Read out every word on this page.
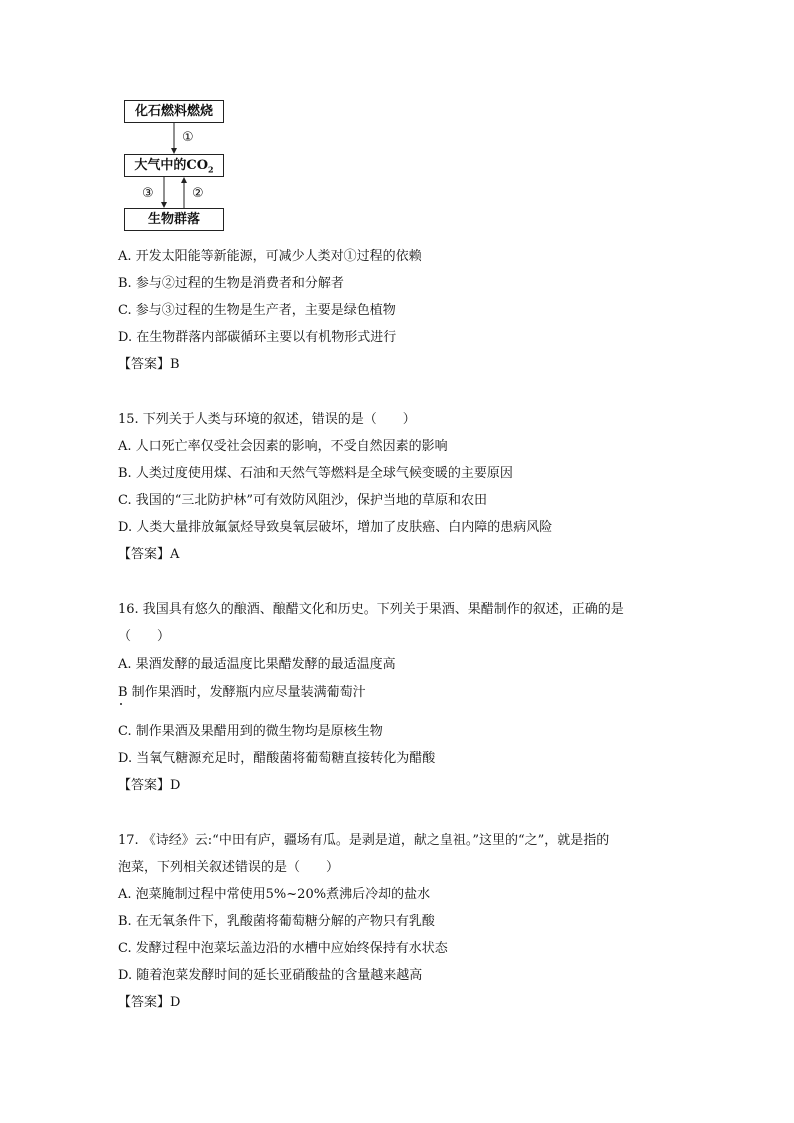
化石燃料燃烧
大气中的$CO_2$
生物群落
①
③	②
A. 开发太阳能等新能源，可减少人类对①过程的依赖
B. 参与②过程的生物是消费者和分解者
C. 参与③过程的生物是生产者，主要是绿色植物
D. 在生物群落内部碳循环主要以有机物形式进行
【答案】B
15. 下列关于人类与环境的叙述，错误的是（　　）
A. 人口死亡率仅受社会因素的影响，不受自然因素的影响
B. 人类过度使用煤、石油和天然气等燃料是全球气候变暖的主要原因
C. 我国的“三北防护林”可有效防风阻沙，保护当地的草原和农田
D. 人类大量排放氟氯烃导致臭氧层破坏，增加了皮肤癌、白内障的患病风险
【答案】A
16. 我国具有悠久的酿酒、酿醋文化和历史。下列关于果酒、果醋制作的叙述，正确的是
（　　）
A. 果酒发酵的最适温度比果醋发酵的最适温度高
B 制作果酒时，发酵瓶内应尽量装满葡萄汁
C. 制作果酒及果醋用到的微生物均是原核生物
D. 当氧气糖源充足时，醋酸菌将葡萄糖直接转化为醋酸
【答案】D
17. 《诗经》云:“中田有庐，疆场有瓜。是剥是道，献之皇祖。”这里的“之”，就是指的
泡菜，下列相关叙述错误的是（　　）
A. 泡菜腌制过程中常使用5%~20%煮沸后冷却的盐水
B. 在无氧条件下，乳酸菌将葡萄糖分解的产物只有乳酸
C. 发酵过程中泡菜坛盖边沿的水槽中应始终保持有水状态
D. 随着泡菜发酵时间的延长亚硝酸盐的含量越来越高
【答案】D
